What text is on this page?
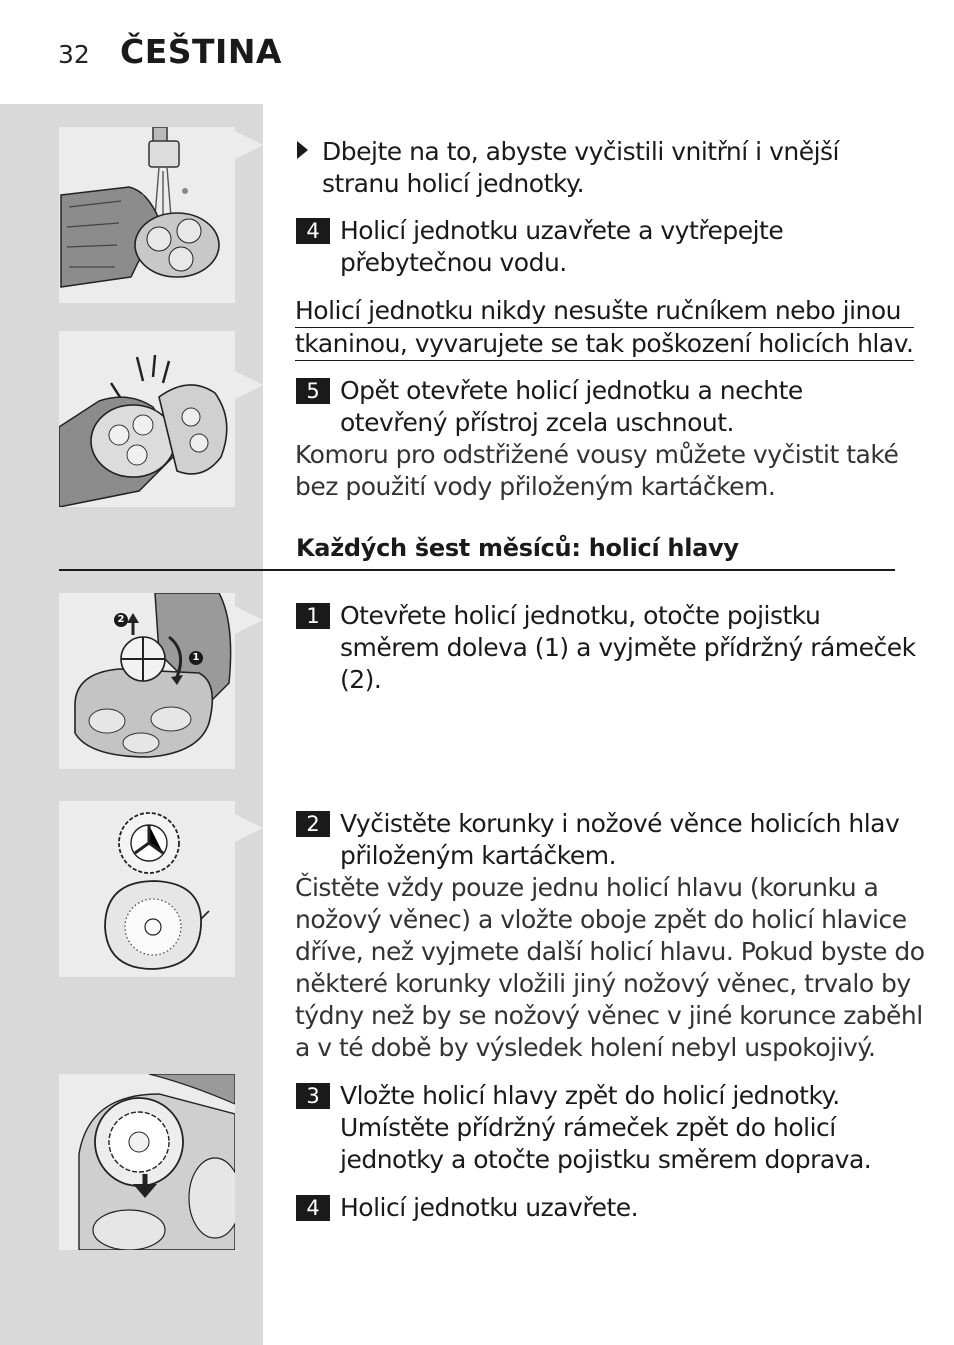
32 ČEŠTINA
2
1
Dbejte na to, abyste vyčistili vnitřní i vnější
stranu holicí jednotky.
4 Holicí jednotku uzavřete a vytřepejte
přebytečnou vodu.
Holicí jednotku nikdy nesušte ručníkem nebo jinou
tkaninou, vyvarujete se tak poškození holicích hlav.
5 Opět otevřete holicí jednotku a nechte
otevřený přístroj zcela uschnout.
Komoru pro odstřižené vousy můžete vyčistit také
bez použití vody přiloženým kartáčkem.
Každých šest měsíců: holicí hlavy
1 Otevřete holicí jednotku, otočte pojistku
směrem doleva (1) a vyjměte přídržný rámeček
(2).
2 Vyčistěte korunky i nožové věnce holicích hlav
přiloženým kartáčkem.
Čistěte vždy pouze jednu holicí hlavu (korunku a
nožový věnec) a vložte oboje zpět do holicí hlavice
dříve, než vyjmete další holicí hlavu. Pokud byste do
některé korunky vložili jiný nožový věnec, trvalo by
týdny než by se nožový věnec v jiné korunce zaběhl
a v té době by výsledek holení nebyl uspokojivý.
3 Vložte holicí hlavy zpět do holicí jednotky.
Umístěte přídržný rámeček zpět do holicí
jednotky a otočte pojistku směrem doprava.
4 Holicí jednotku uzavřete.
